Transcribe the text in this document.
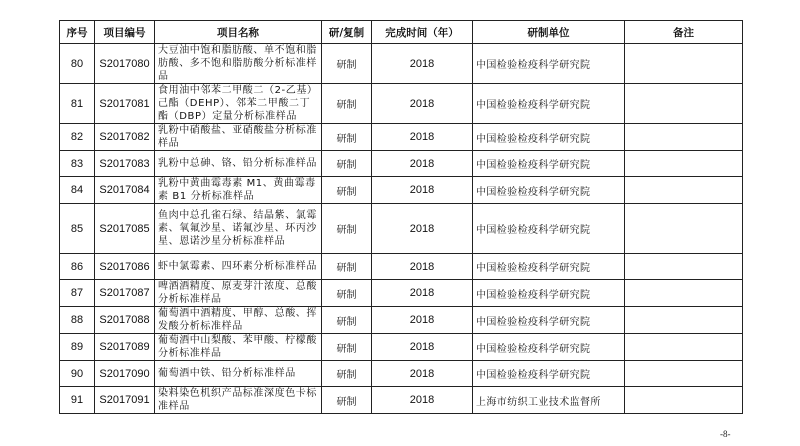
序号	项目编号	项目名称	研/复制	完成时间（年）	研制单位	备注
80	S2017080	大豆油中饱和脂肪酸、单不饱和脂肪酸、多不饱和脂肪酸分析标准样品	研制	2018	中国检验检疫科学研究院	
81	S2017081	食用油中邻苯二甲酸二（2-乙基）己酯（DEHP）、邻苯二甲酸二丁酯（DBP）定量分析标准样品	研制	2018	中国检验检疫科学研究院	
82	S2017082	乳粉中硝酸盐、亚硝酸盐分析标准样品	研制	2018	中国检验检疫科学研究院	
83	S2017083	乳粉中总砷、铬、铅分析标准样品	研制	2018	中国检验检疫科学研究院	
84	S2017084	乳粉中黄曲霉毒素 M1、黄曲霉毒素 B1 分析标准样品	研制	2018	中国检验检疫科学研究院	
85	S2017085	鱼肉中总孔雀石绿、结晶紫、氯霉素、氧氟沙星、诺氟沙星、环丙沙星、恩诺沙星分析标准样品	研制	2018	中国检验检疫科学研究院	
86	S2017086	虾中氯霉素、四环素分析标准样品	研制	2018	中国检验检疫科学研究院	
87	S2017087	啤酒酒精度、原麦芽汁浓度、总酸分析标准样品	研制	2018	中国检验检疫科学研究院	
88	S2017088	葡萄酒中酒精度、甲醇、总酸、挥发酸分析标准样品	研制	2018	中国检验检疫科学研究院	
89	S2017089	葡萄酒中山梨酸、苯甲酸、柠檬酸分析标准样品	研制	2018	中国检验检疫科学研究院	
90	S2017090	葡萄酒中铁、铅分析标准样品	研制	2018	中国检验检疫科学研究院	
91	S2017091	染料染色机织产品标准深度色卡标准样品	研制	2018	上海市纺织工业技术监督所	
-8-
